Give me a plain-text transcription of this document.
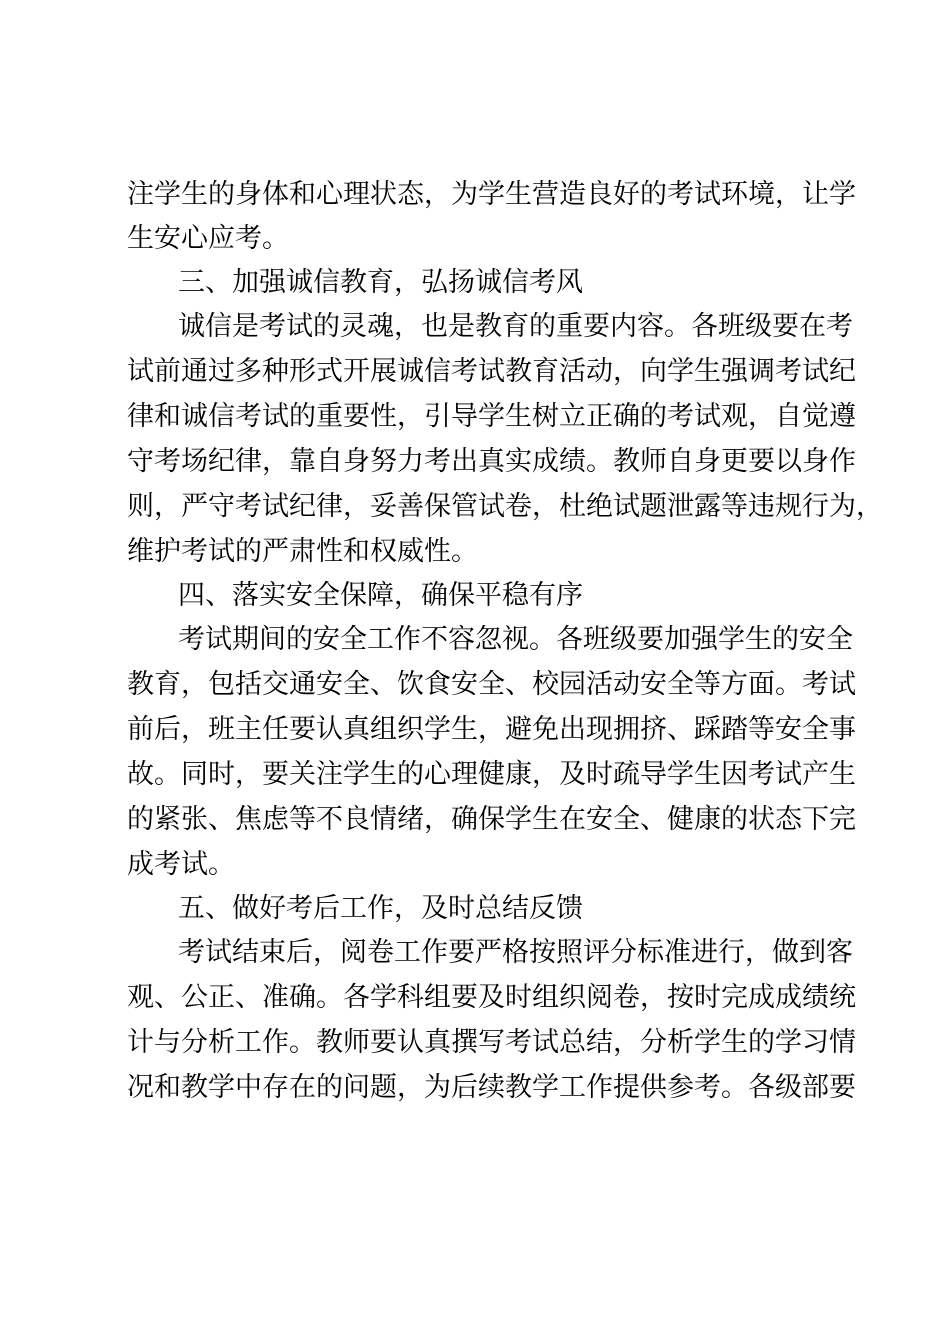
注学生的身体和心理状态，为学生营造良好的考试环境，让学
生安心应考。
三、加强诚信教育，弘扬诚信考风
诚信是考试的灵魂，也是教育的重要内容。各班级要在考
试前通过多种形式开展诚信考试教育活动，向学生强调考试纪
律和诚信考试的重要性，引导学生树立正确的考试观，自觉遵
守考场纪律，靠自身努力考出真实成绩。教师自身更要以身作
则，严守考试纪律，妥善保管试卷，杜绝试题泄露等违规行为，
维护考试的严肃性和权威性。
四、落实安全保障，确保平稳有序
考试期间的安全工作不容忽视。各班级要加强学生的安全
教育，包括交通安全、饮食安全、校园活动安全等方面。考试
前后，班主任要认真组织学生，避免出现拥挤、踩踏等安全事
故。同时，要关注学生的心理健康，及时疏导学生因考试产生
的紧张、焦虑等不良情绪，确保学生在安全、健康的状态下完
成考试。
五、做好考后工作，及时总结反馈
考试结束后，阅卷工作要严格按照评分标准进行，做到客
观、公正、准确。各学科组要及时组织阅卷，按时完成成绩统
计与分析工作。教师要认真撰写考试总结，分析学生的学习情
况和教学中存在的问题，为后续教学工作提供参考。各级部要
